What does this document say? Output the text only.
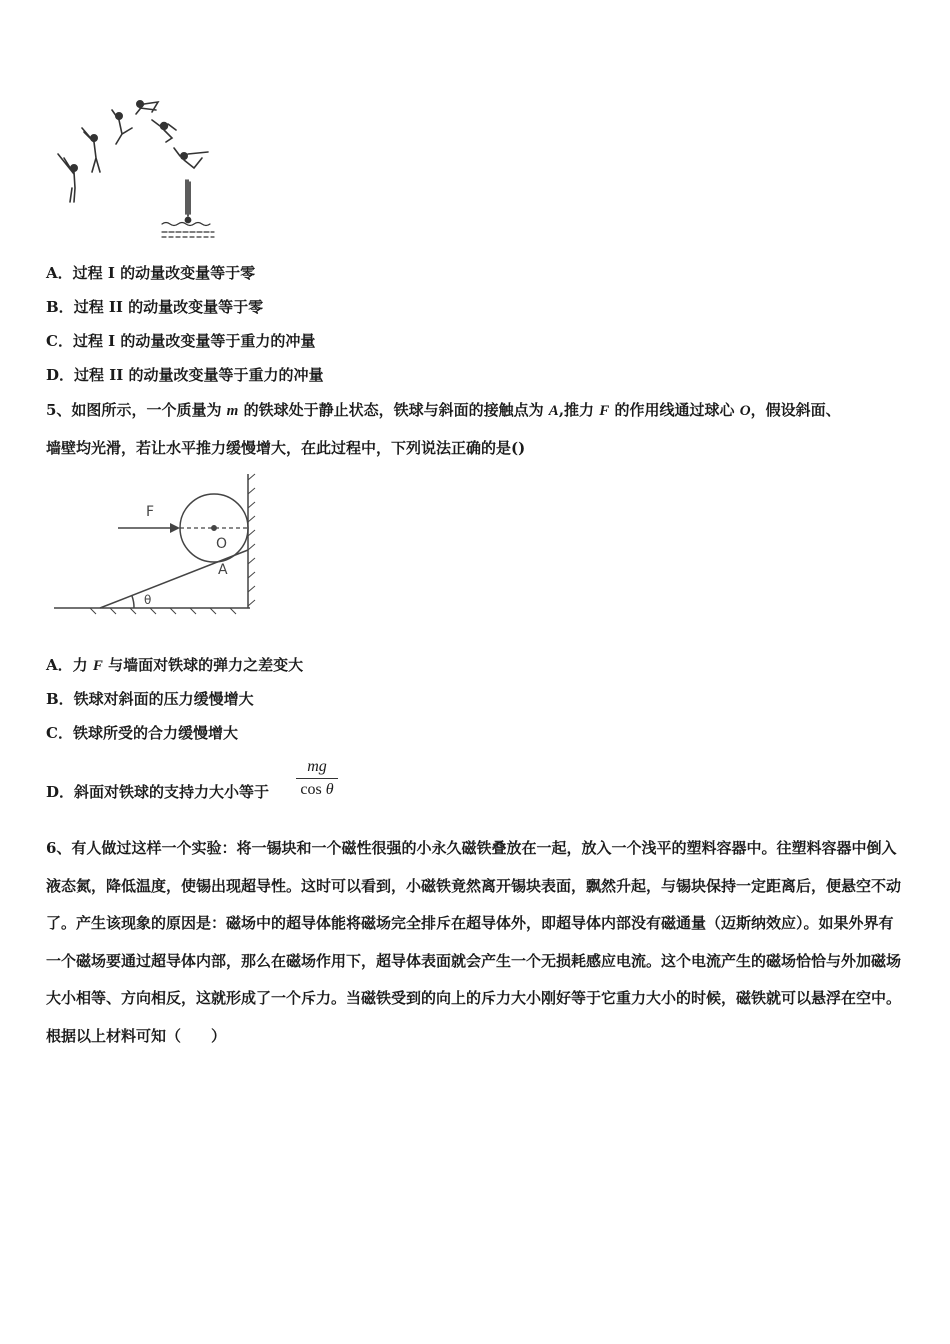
A．过程 I 的动量改变量等于零
B．过程 II 的动量改变量等于零
C．过程 I 的动量改变量等于重力的冲量
D．过程 II 的动量改变量等于重力的冲量
5、如图所示，一个质量为 m 的铁球处于静止状态，铁球与斜面的接触点为 A,推力 F 的作用线通过球心 O，假设斜面、
墙壁均光滑，若让水平推力缓慢增大，在此过程中，下列说法正确的是()
F
O
A
θ
A．力 F 与墙面对铁球的弹力之差变大
B．铁球对斜面的压力缓慢增大
C．铁球所受的合力缓慢增大
D．斜面对铁球的支持力大小等于 $\frac{mg}{\text{cos θ}}$
6、有人做过这样一个实验：将一锡块和一个磁性很强的小永久磁铁叠放在一起，放入一个浅平的塑料容器中。往塑料容器中倒入液态氮，降低温度，使锡出现超导性。这时可以看到，小磁铁竟然离开锡块表面，飘然升起，与锡块保持一定距离后，便悬空不动了。产生该现象的原因是：磁场中的超导体能将磁场完全排斥在超导体外，即超导体内部没有磁通量（迈斯纳效应）。如果外界有一个磁场要通过超导体内部，那么在磁场作用下，超导体表面就会产生一个无损耗感应电流。这个电流产生的磁场恰恰与外加磁场大小相等、方向相反，这就形成了一个斥力。当磁铁受到的向上的斥力大小刚好等于它重力大小的时候，磁铁就可以悬浮在空中。根据以上材料可知（　　）
